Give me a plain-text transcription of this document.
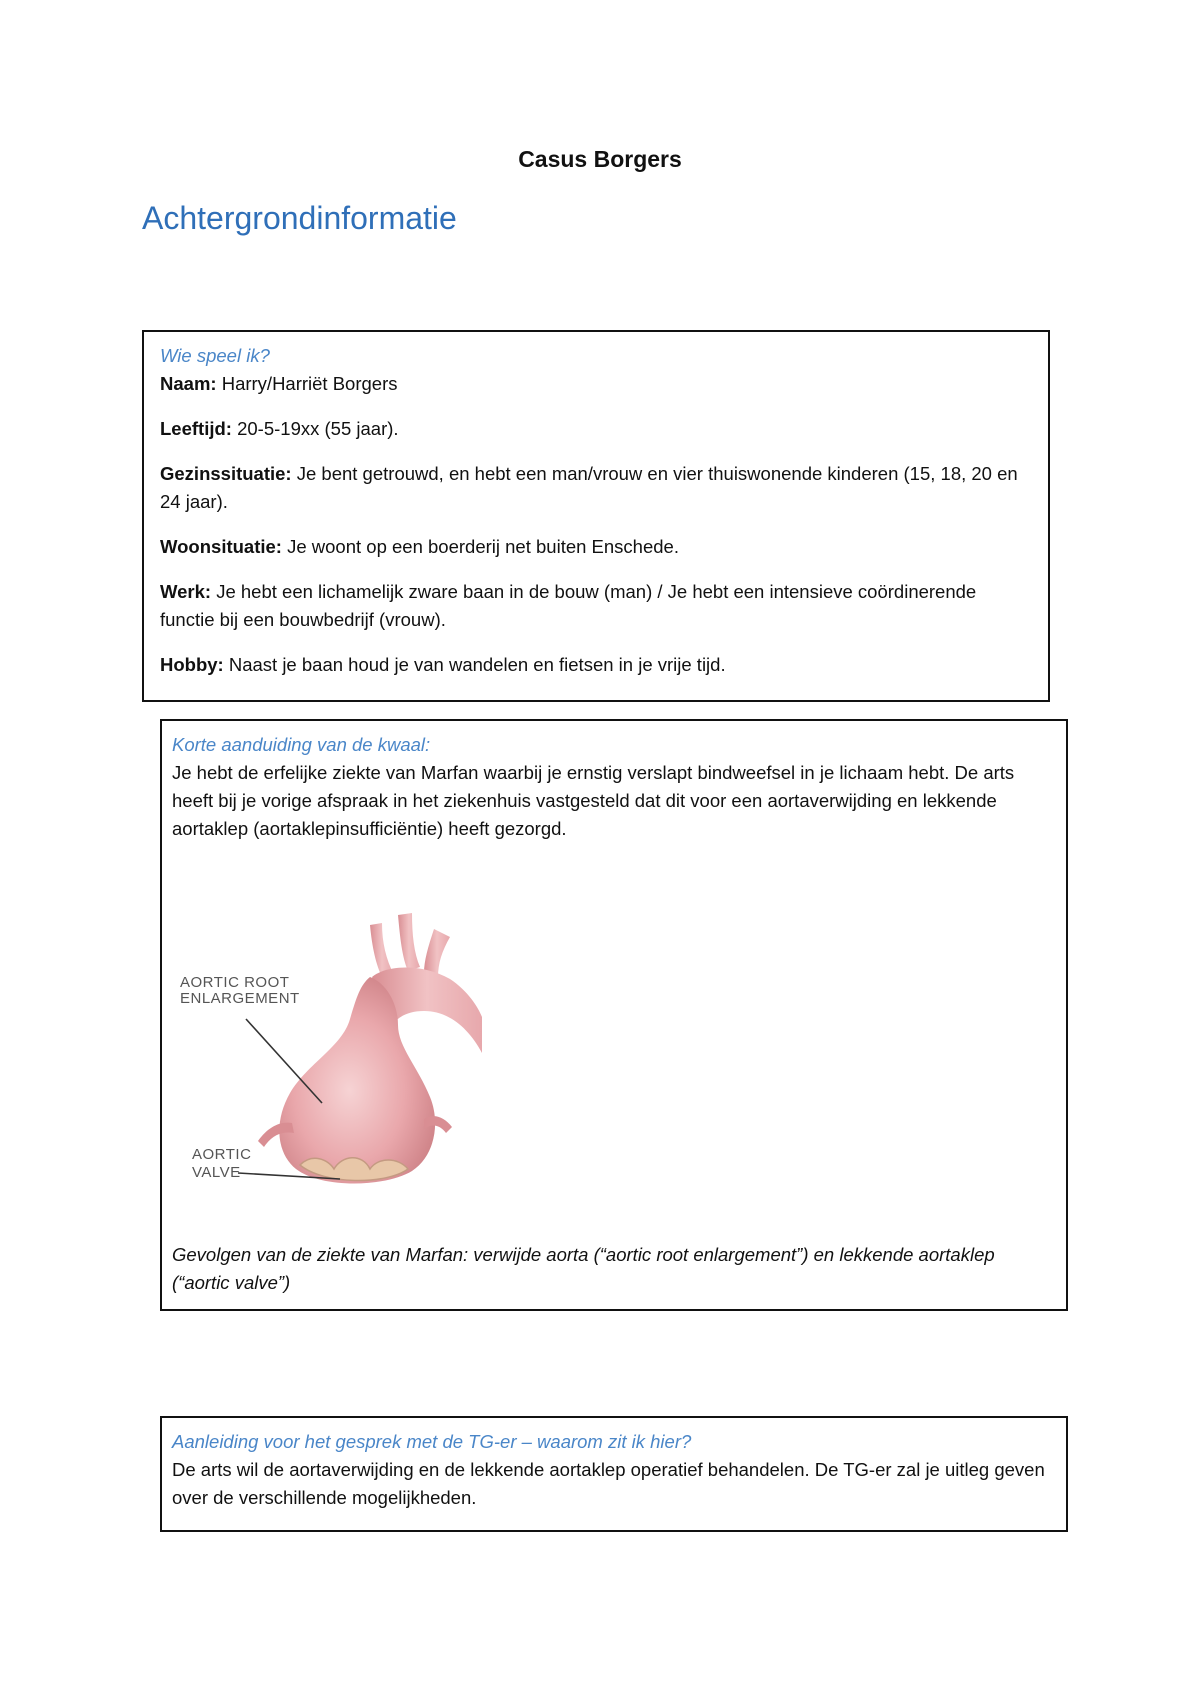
Casus Borgers
Achtergrondinformatie
Wie speel ik?

Naam: Harry/Harriët Borgers

Leeftijd: 20-5-19xx (55 jaar).

Gezinssituatie: Je bent getrouwd, en hebt een man/vrouw en vier thuiswonende kinderen (15, 18, 20 en 24 jaar).

Woonsituatie: Je woont op een boerderij net buiten Enschede.

Werk: Je hebt een lichamelijk zware baan in de bouw (man) / Je hebt een intensieve coördinerende functie bij een bouwbedrijf (vrouw).

Hobby: Naast je baan houd je van wandelen en fietsen in je vrije tijd.

Korte aanduiding van de kwaal:

Je hebt de erfelijke ziekte van Marfan waarbij je ernstig verslapt bindweefsel in je lichaam hebt. De arts heeft bij je vorige afspraak in het ziekenhuis vastgesteld dat dit voor een aortaverwijding en lekkende aortaklep (aortaklepinsufficiëntie) heeft gezorgd.

AORTIC ROOT
ENLARGEMENT
AORTIC
VALVE
Gevolgen van de ziekte van Marfan: verwijde aorta (“aortic root enlargement”) en lekkende aortaklep (“aortic valve”)
Aanleiding voor het gesprek met de TG-er – waarom zit ik hier?

De arts wil de aortaverwijding en de lekkende aortaklep operatief behandelen. De TG-er zal je uitleg geven over de verschillende mogelijkheden.
